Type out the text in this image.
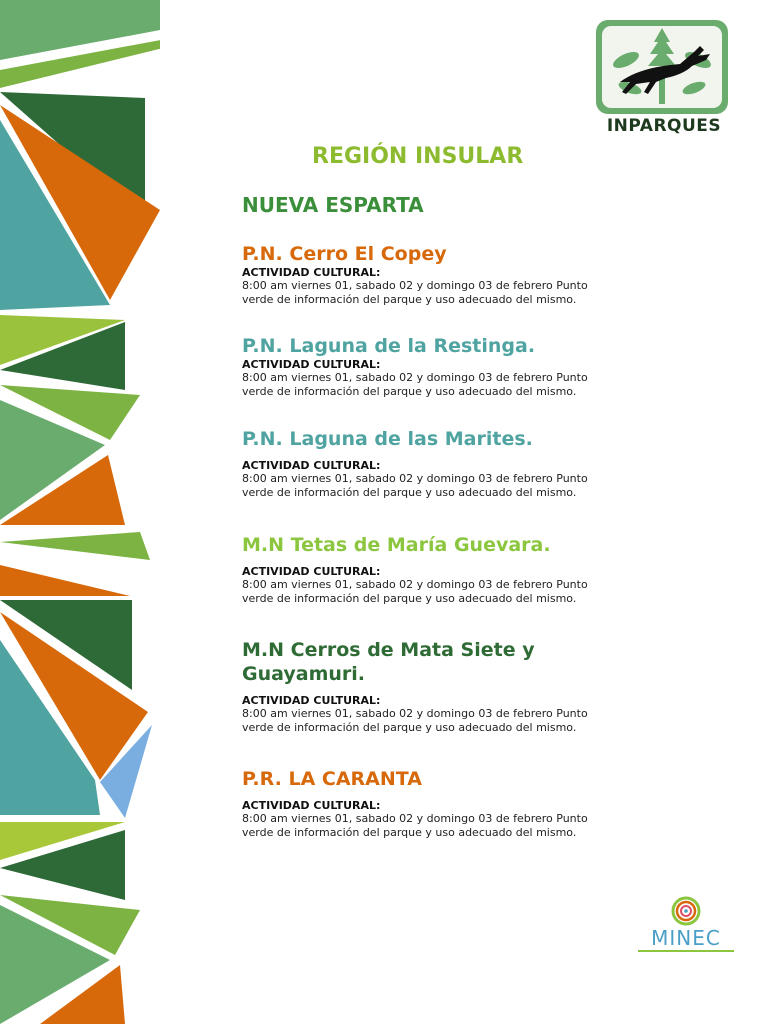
INPARQUES
REGIÓN INSULAR
NUEVA ESPARTA
P.N. Cerro El Copey
ACTIVIDAD CULTURAL:
8:00 am viernes 01, sabado 02 y domingo 03 de febrero Punto verde de información del parque y uso adecuado del mismo.
P.N. Laguna de la Restinga.
ACTIVIDAD CULTURAL:
8:00 am viernes 01, sabado 02 y domingo 03 de febrero Punto verde de información del parque y uso adecuado del mismo.
P.N. Laguna de las Marites.
ACTIVIDAD CULTURAL:
8:00 am viernes 01, sabado 02 y domingo 03 de febrero Punto verde de información del parque y uso adecuado del mismo.
M.N Tetas de María Guevara.
ACTIVIDAD CULTURAL:
8:00 am viernes 01, sabado 02 y domingo 03 de febrero Punto verde de información del parque y uso adecuado del mismo.
M.N Cerros de Mata Siete y Guayamuri.
ACTIVIDAD CULTURAL:
8:00 am viernes 01, sabado 02 y domingo 03 de febrero Punto verde de información del parque y uso adecuado del mismo.
P.R. LA CARANTA
ACTIVIDAD CULTURAL:
8:00 am viernes 01, sabado 02 y domingo 03 de febrero Punto verde de información del parque y uso adecuado del mismo.
MINEC
